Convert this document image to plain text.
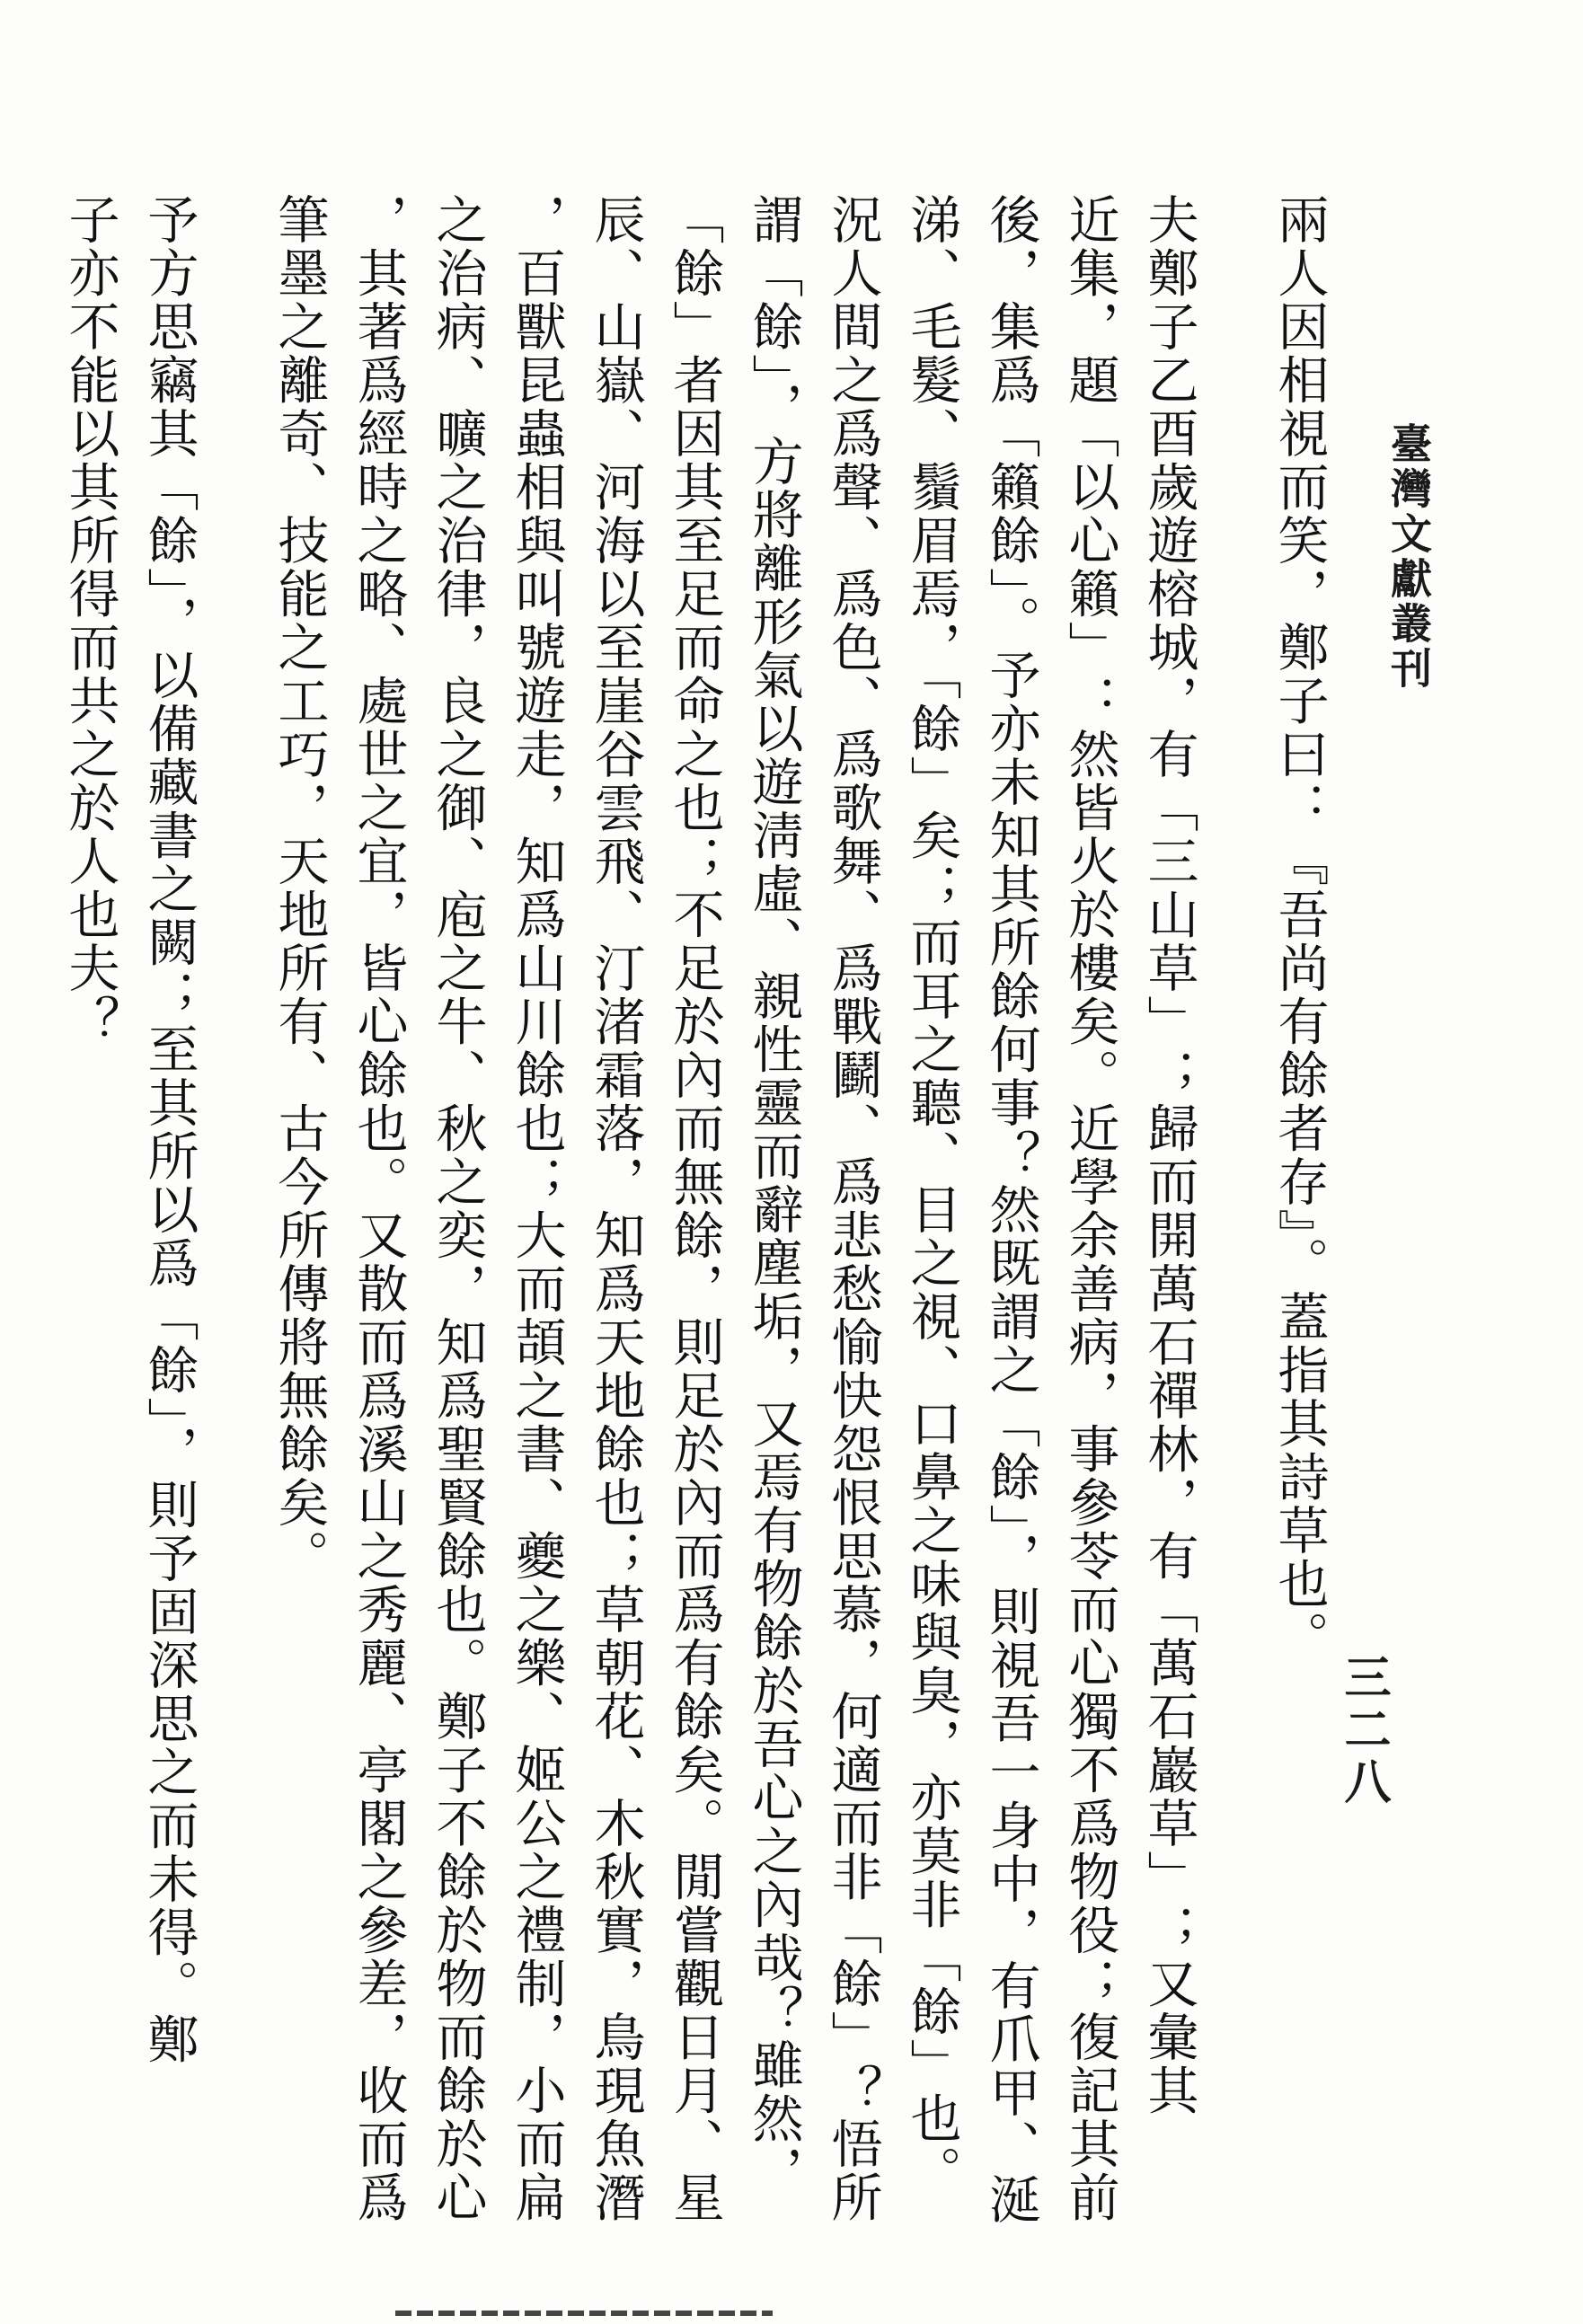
臺灣文獻叢刊
三二八
兩人因相視而笑，鄭子曰：『吾尚有餘者存』。蓋指其詩草也。
夫鄭子乙酉歲遊榕城，有「三山草」；歸而開萬石禪林，有「萬石巖草」；又彙其
近集，題「以心籟」：然皆火於樓矣。近學余善病，事參苓而心獨不爲物役；復記其前
後，集爲「籟餘」。予亦未知其所餘何事？然既謂之「餘」，則視吾一身中，有爪甲、涎
涕、毛髮、鬚眉焉，「餘」矣；而耳之聽、目之視、口鼻之味與臭，亦莫非「餘」也。
況人間之爲聲、爲色、爲歌舞、爲戰鬬、爲悲愁愉快怨恨思慕，何適而非「餘」？悟所
謂「餘」，方將離形氣以遊淸虛、親性靈而辭塵垢，又焉有物餘於吾心之內哉？雖然，
「餘」者因其至足而命之也；不足於內而無餘，則足於內而爲有餘矣。閒嘗觀日月、星
辰、山嶽、河海以至崖谷雲飛、汀渚霜落，知爲天地餘也；草朝花、木秋實，鳥現魚潛
，百獸昆蟲相與叫號遊走，知爲山川餘也；大而頡之書、夔之樂、姬公之禮制，小而扁
之治病、曠之治律，良之御、庖之牛、秋之奕，知爲聖賢餘也。鄭子不餘於物而餘於心
，其著爲經時之略、處世之宜，皆心餘也。又散而爲溪山之秀麗、亭閣之參差，收而爲
筆墨之離奇、技能之工巧，天地所有、古今所傳將無餘矣。
予方思竊其「餘」，以備藏書之闕；至其所以爲「餘」，則予固深思之而未得。鄭
子亦不能以其所得而共之於人也夫？
